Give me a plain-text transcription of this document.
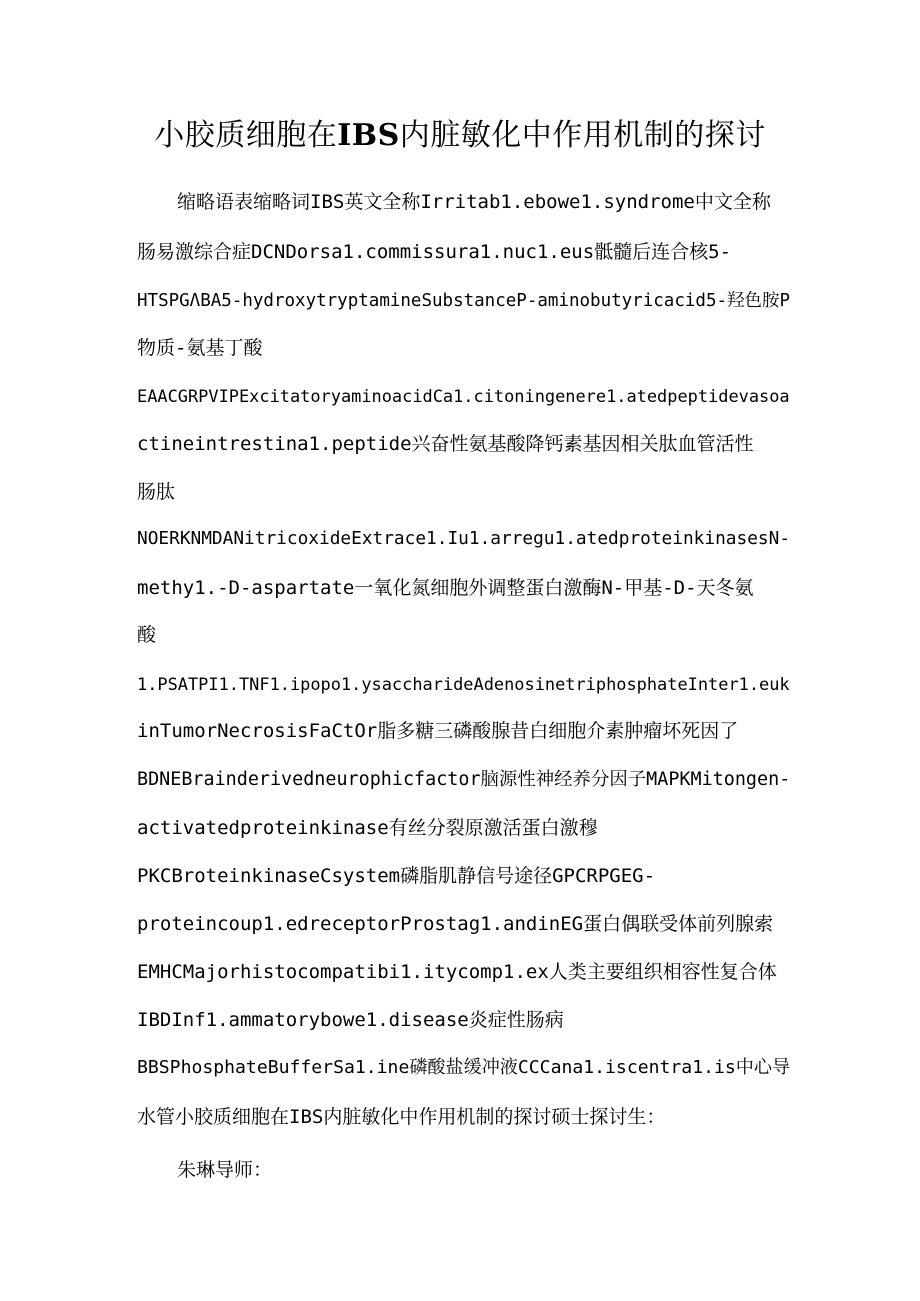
小胶质细胞在IBS内脏敏化中作用机制的探讨
缩略语表缩略词IBS英文全称Irritab1.ebowe1.syndrome中文全称
肠易激综合症DCNDorsa1.commissura1.nuc1.eus骶髓后连合核5-
HTSPGΛBA5-hydroxytryptamineSubstanceP-aminobutyricacid5-羟色胺P
物质-氨基丁酸
EAACGRPVIPExcitatoryaminoacidCa1.citoningenere1.atedpeptidevasoa
ctineintrestina1.peptide兴奋性氨基酸降钙素基因相关肽血管活性
肠肽
NOERKNMDANitricoxideExtrace1.Iu1.arregu1.atedproteinkinasesN-
methy1.-D-aspartate一氧化氮细胞外调整蛋白激酶N-甲基-D-天冬氨
酸
1.PSATPI1.TNF1.ipopo1.ysaccharideAdenosinetriphosphateInter1.euk
inTumorNecrosisFaCtOr脂多糖三磷酸腺昔白细胞介素肿瘤坏死因了
BDNEBrainderivedneurophicfactor脑源性神经养分因子MAPKMitongen-
activatedproteinkinase有丝分裂原激活蛋白激穆
PKCBroteinkinaseCsystem磷脂肌静信号途径GPCRPGEG-
proteincoup1.edreceptorProstag1.andinEG蛋白偶联受体前列腺索
EMHCMajorhistocompatibi1.itycomp1.ex人类主要组织相容性复合体
IBDInf1.ammatorybowe1.disease炎症性肠病
BBSPhosphateBufferSa1.ine磷酸盐缓冲液CCCana1.iscentra1.is中心导
水管小胶质细胞在IBS内脏敏化中作用机制的探讨硕士探讨生：
朱琳导师：
